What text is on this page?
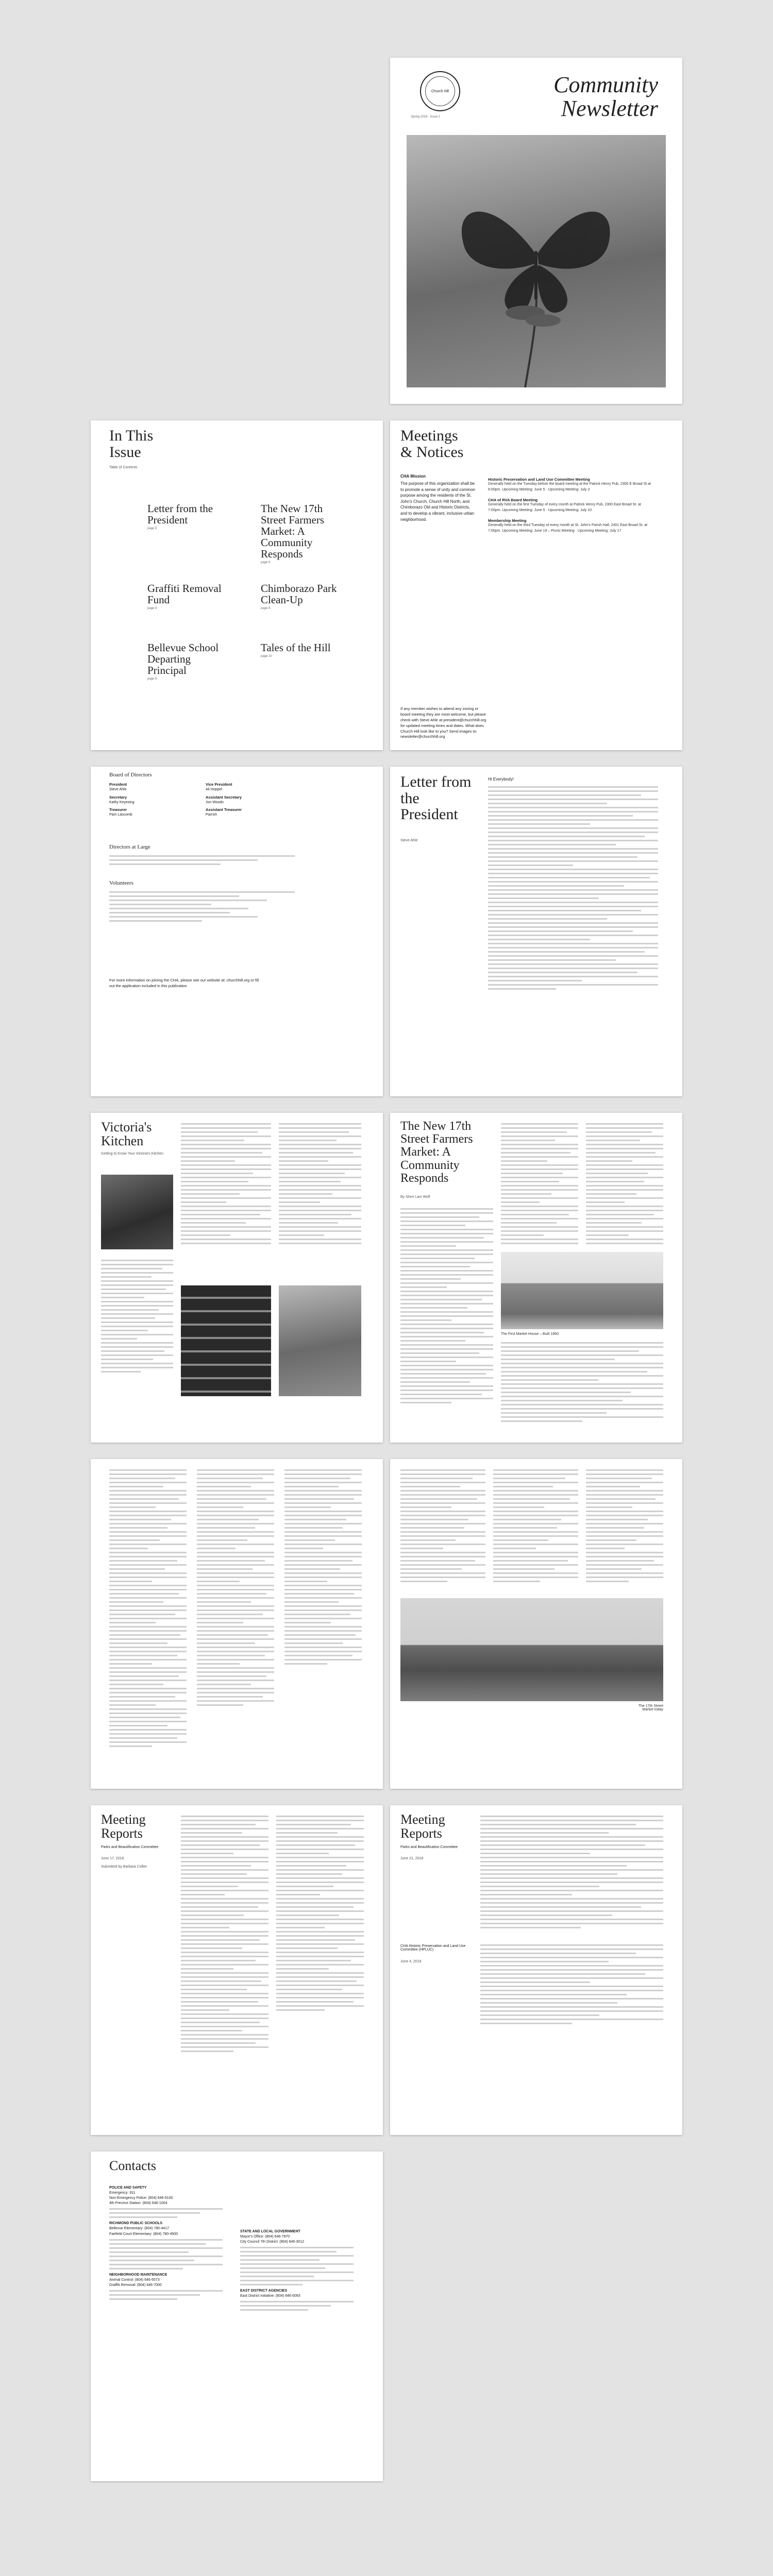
Church Hill
Spring 2018 · Issue 1
Community
Newsletter
In This Issue
Table of Contents
Letter from the President
page 5
The New 17th Street Farmers Market: A Community Responds
page 6
Graffiti Removal Fund
page 9
Chimborazo Park Clean-Up
page 8
Bellevue School Departing Principal
page 9
Tales of the Hill
page 10
Meetings & Notices
CHA Mission
The purpose of this organization shall be to promote a sense of unity and common purpose among the residents of the St. John's Church, Church Hill North, and Chimborazo Old and Historic Districts, and to develop a vibrant, inclusive urban neighborhood.
Historic Preservation and Land Use Committee Meeting
Generally held on the Tuesday before the board meeting at the Patrick Henry Pub, 2300 E Broad St at 6:00pm. Upcoming Meeting: June 5 · Upcoming Meeting: July 3
CHA of RVA Board Meeting
Generally held on the first Tuesday of every month at Patrick Henry Pub, 2300 East Broad St. at 7:00pm. Upcoming Meeting: June 5 · Upcoming Meeting: July 10
Membership Meeting
Generally held on the third Tuesday of every month at St. John's Parish Hall, 2401 East Broad St. at 7:00pm. Upcoming Meeting: June 19 – Picnic Meeting · Upcoming Meeting: July 17
If any member wishes to attend any zoning or board meeting they are most welcome, but please check with Steve Ahle at president@churchhill.org for updated meeting times and dates. What does Church Hill look like to you? Send images to: newsletter@churchhill.org
Board of Directors
President
Steve Ahle
Vice President
Ali Hoppel
Secretary
Kathy Keyesing
Assistant Secretary
Jon Woods
Treasurer
Pam Lascomb
Assistant Treasurer
Parrish
Directors at Large
Volunteers
For more information on joining the CHA, please see our website at: churchhill.org or fill out the application included in this publication
Letter from the President
Steve Ahle
Hi Everybody!
Victoria's Kitchen
Getting to Know Your Victoria's Kitchen
The New 17th Street Farmers Market: A Community Responds
By Sheri Lani Wolf
The First Market House – Built 1850
The 17th Street Market today
Meeting Reports
Parks and Beautification Committee
June 17, 2018
Submitted by Barbara Collier
Meeting Reports
Parks and Beautification Committee
June 21, 2018
CHA Historic Preservation and Land Use Committee (HPLUC)
June 4, 2018
Contacts
POLICE AND SAFETY
Emergency: 911
Non-Emergency Police: (804) 646-5100
4th Precinct Station: (804) 646-1004
RICHMOND PUBLIC SCHOOLS
Bellevue Elementary: (804) 780-4417
Fairfield Court Elementary: (804) 780-4500
NEIGHBORHOOD MAINTENANCE
Animal Control: (804) 646-5573
Graffiti Removal: (804) 646-7000
STATE AND LOCAL GOVERNMENT
Mayor's Office: (804) 646-7970
City Council 7th District: (804) 646-3012
EAST DISTRICT AGENCIES
East District Initiative: (804) 646-0093
